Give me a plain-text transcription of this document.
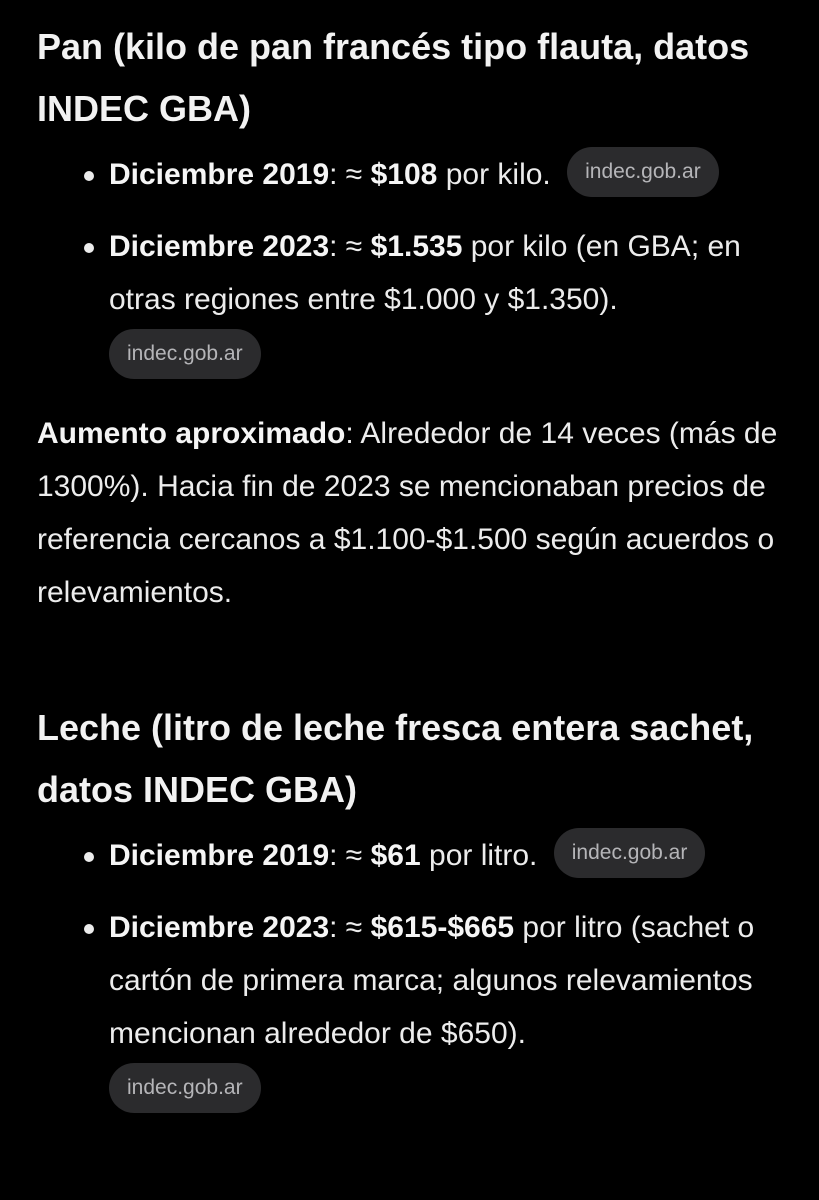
Pan (kilo de pan francés tipo flauta, datos INDEC GBA)
Diciembre 2019: ≈ $108 por kilo. indec.gob.ar
Diciembre 2023: ≈ $1.535 por kilo (en GBA; en otras regiones entre $1.000 y $1.350).
indec.gob.ar

Aumento aproximado: Alrededor de 14 veces (más de 1300%). Hacia fin de 2023 se mencionaban precios de referencia cercanos a $1.100-$1.500 según acuerdos o relevamientos.

Leche (litro de leche fresca entera sachet, datos INDEC GBA)
Diciembre 2019: ≈ $61 por litro. indec.gob.ar
Diciembre 2023: ≈ $615-$665 por litro (sachet o cartón de primera marca; algunos relevamientos mencionan alrededor de $650).
indec.gob.ar
